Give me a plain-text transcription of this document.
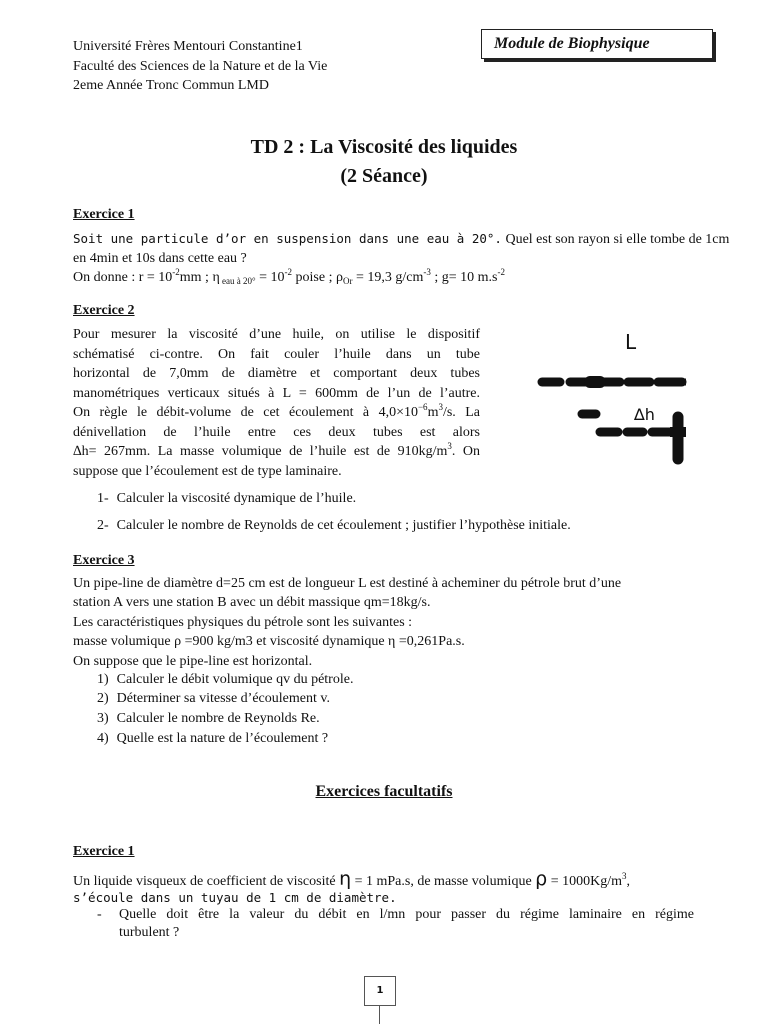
Université Frères Mentouri Constantine1
Faculté des Sciences de la Nature et de la Vie
2eme Année Tronc Commun LMD
Module de Biophysique
TD 2 : La Viscosité des liquides
(2 Séance)
Exercice 1
Soit une particule d’or en suspension dans une eau à 20°. Quel est son rayon si elle tombe de 1cm
en 4min et 10s dans cette eau ?
On donne : $r = 10^{-2}mm$ ; η $_{eau à 20^\circ} = 10^{-2}$ poise ; $\rho_{Or} = 19,3$ $g/cm^{-3}$ ; g= 10 $m.s^{-2}$
Exercice 2
Pour mesurer la viscosité d’une huile, on utilise le dispositif
schématisé ci-contre. On fait couler l’huile dans un tube
horizontal de 7,0mm de diamètre et comportant deux tubes
manométriques verticaux situés à L = 600mm de l’un de l’autre.
On règle le débit-volume de cet écoulement à $4,0\times 10^{-6}m^3/s$. La
dénivellation de l’huile entre ces deux tubes est alors
∆h= 267mm. La masse volumique de l’huile est de $910kg/m^3$. On
suppose que l’écoulement est de type laminaire.
L
∆h
1- Calculer la viscosité dynamique de l’huile.
2- Calculer le nombre de Reynolds de cet écoulement ; justifier l’hypothèse initiale.
Exercice 3
Un pipe-line de diamètre d=25 cm est de longueur L est destiné à acheminer du pétrole brut d’une
station A vers une station B avec un débit massique qm=18kg/s.
Les caractéristiques physiques du pétrole sont les suivantes :
masse volumique ρ =900 kg/m3 et viscosité dynamique η =0,261Pa.s.
On suppose que le pipe-line est horizontal.
1) Calculer le débit volumique qv du pétrole.
2) Déterminer sa vitesse d’écoulement v.
3) Calculer le nombre de Reynolds Re.
4) Quelle est la nature de l’écoulement ?
Exercices facultatifs
Exercice 1
Un liquide visqueux de coefficient de viscosité η = 1 mPa.s, de masse volumique $\rho = 1000Kg/m^3$,
s’écoule dans un tuyau de 1 cm de diamètre.
- Quelle doit être la valeur du débit en l/mn pour passer du régime laminaire en régime
turbulent ?
1
